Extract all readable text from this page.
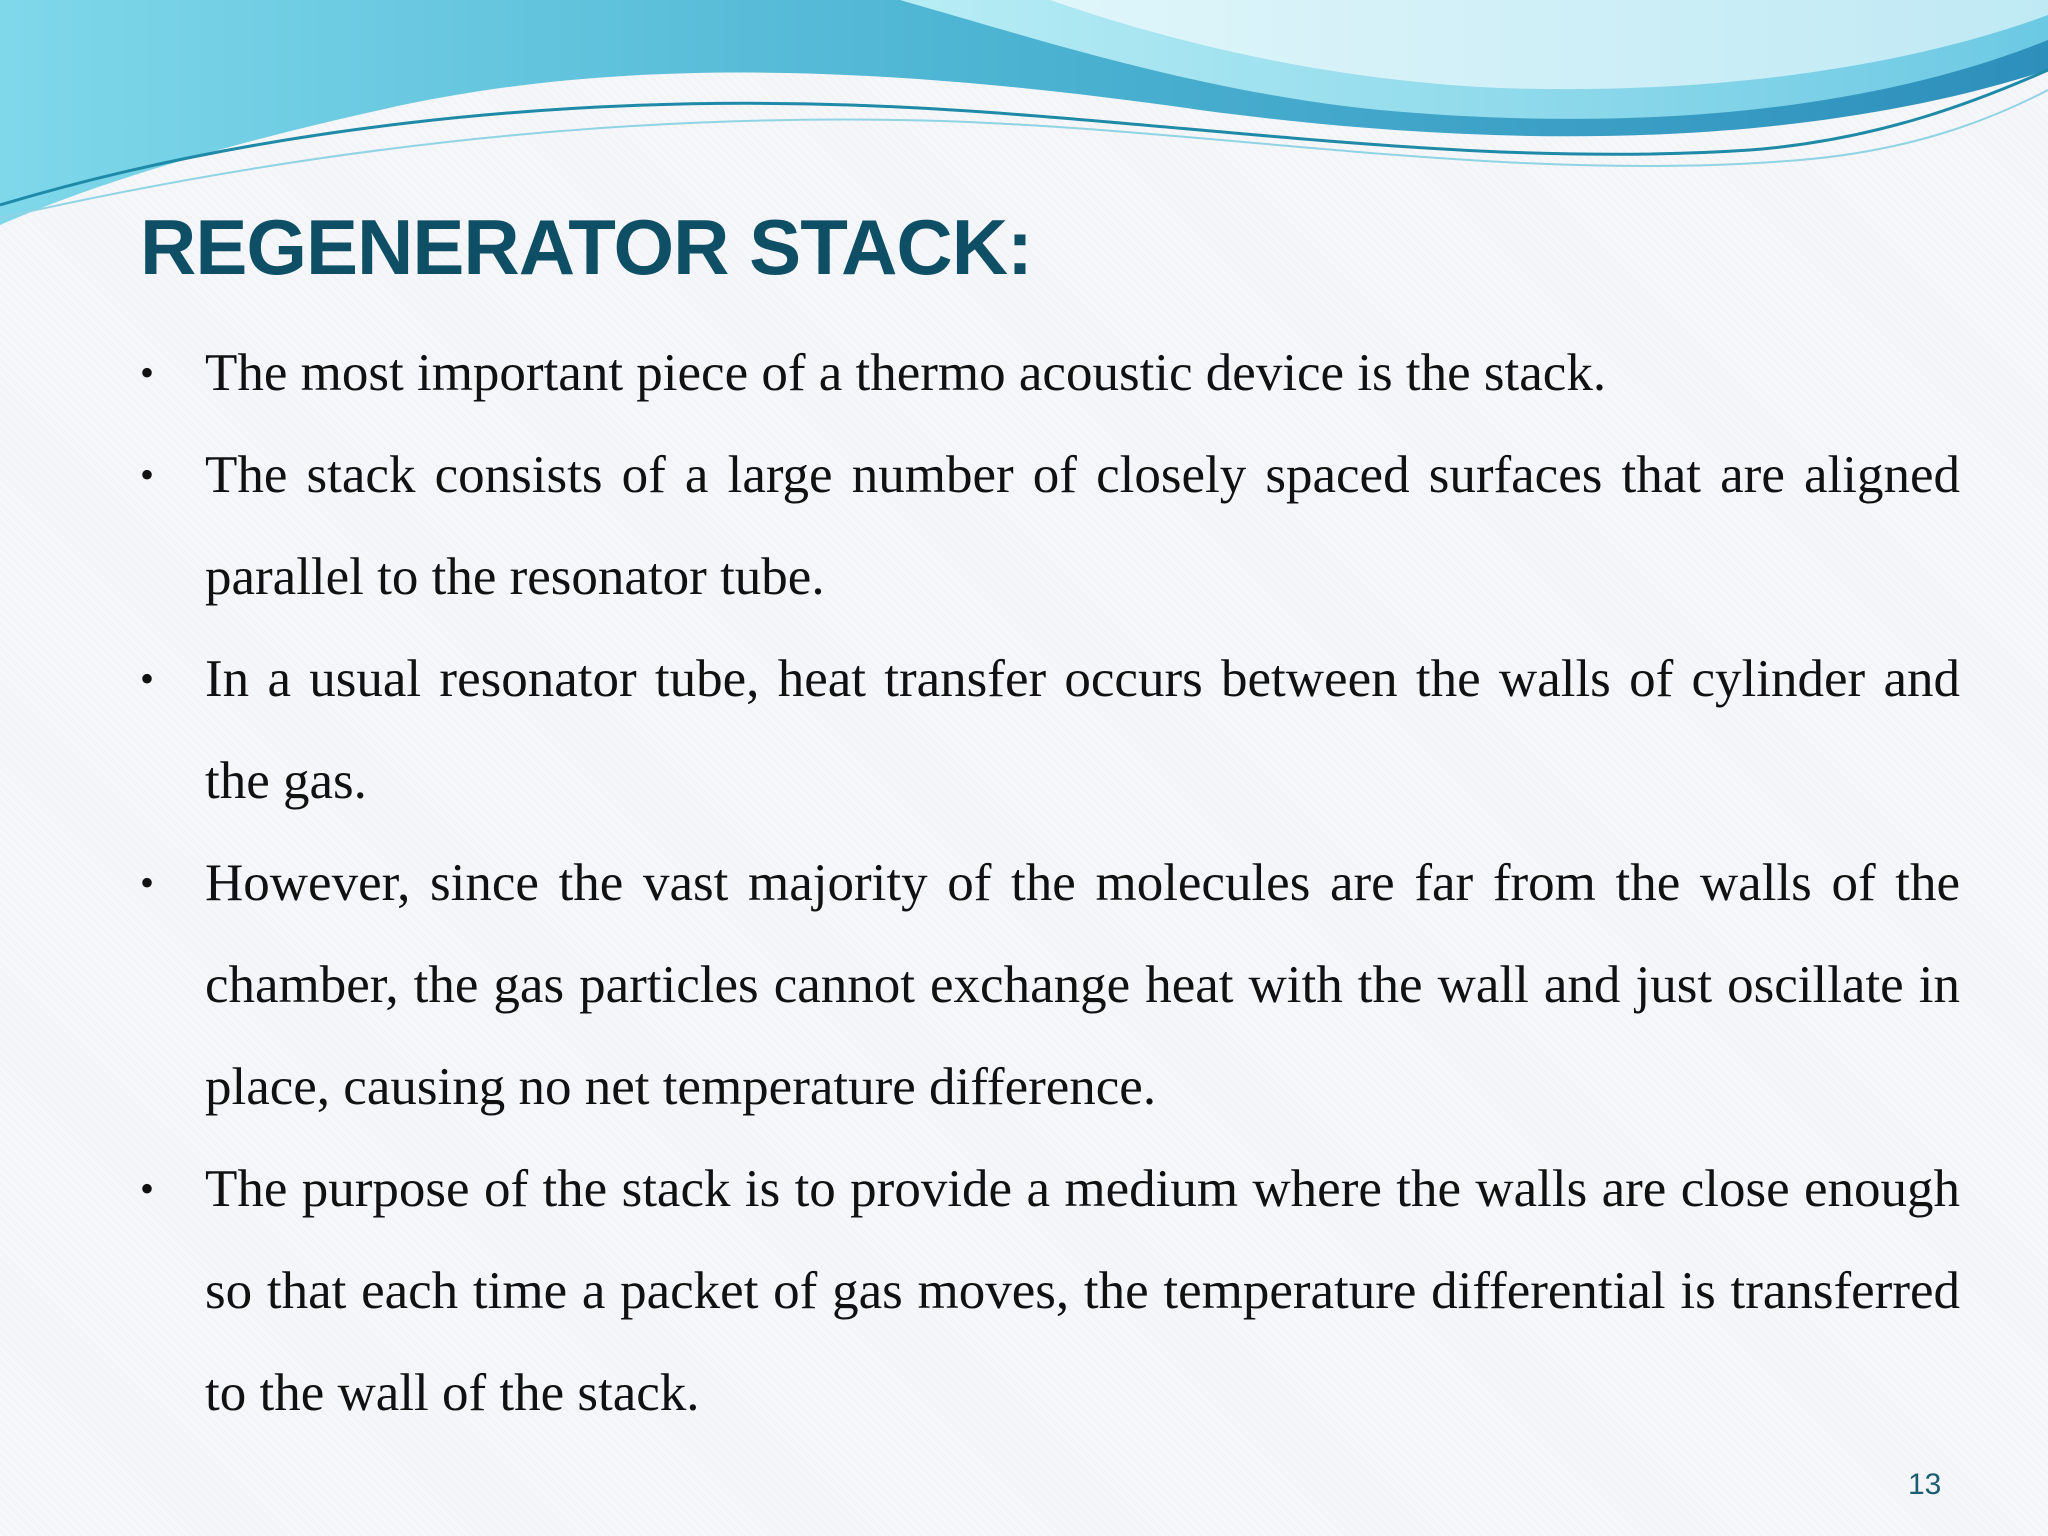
REGENERATOR STACK:
• The most important piece of a thermo acoustic device is the stack.
• The stack consists of a large number of closely spaced surfaces that are aligned parallel to the resonator tube.
• In a usual resonator tube, heat transfer occurs between the walls of cylinder and the gas.
• However, since the vast majority of the molecules are far from the walls of the chamber, the gas particles cannot exchange heat with the wall and just oscillate in place, causing no net temperature difference.
• The purpose of the stack is to provide a medium where the walls are close enough so that each time a packet of gas moves, the temperature differential is transferred to the wall of the stack.
13
